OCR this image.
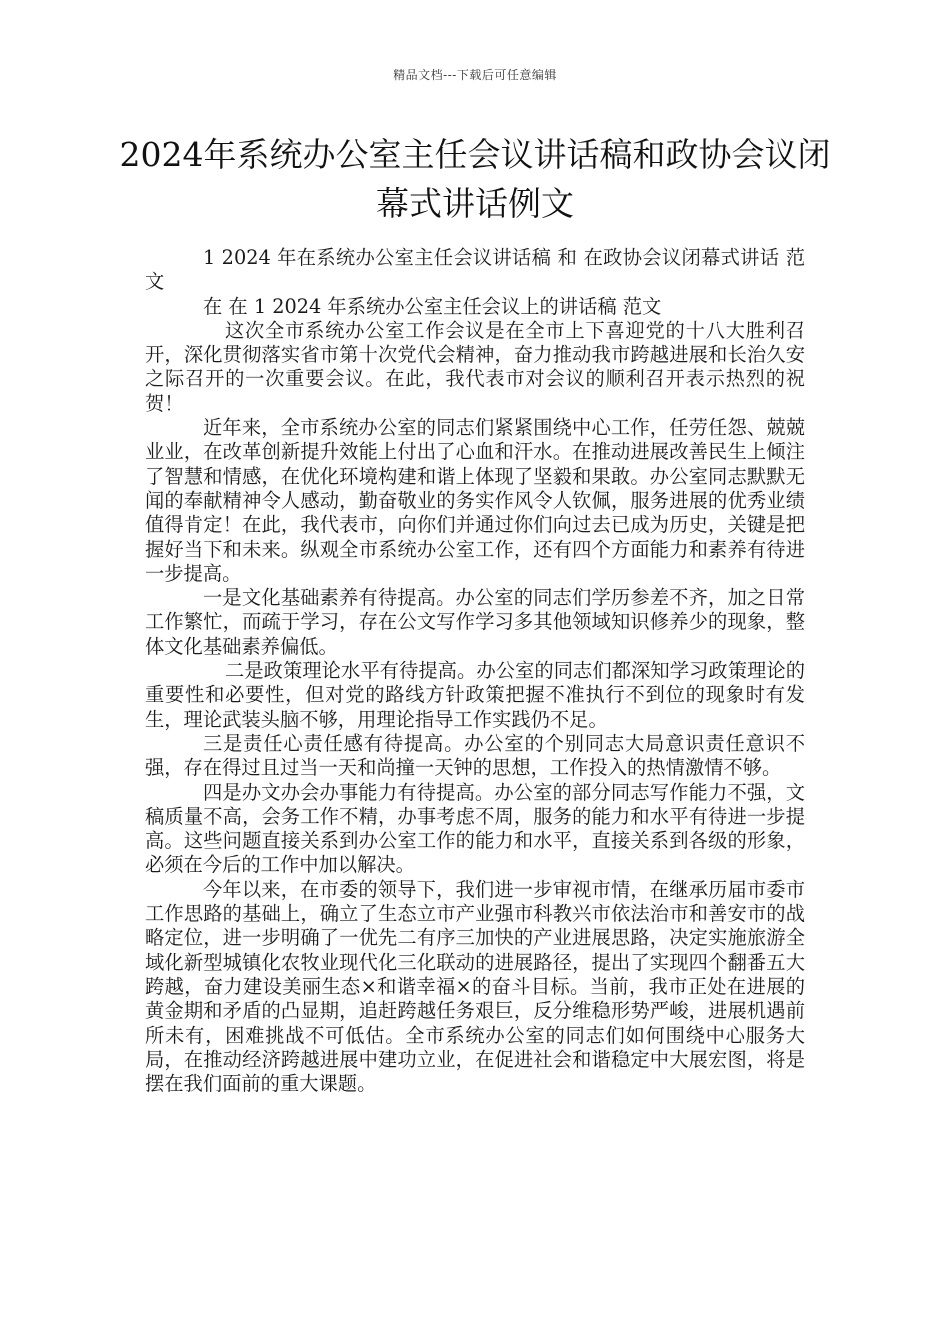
精品文档---下载后可任意编辑
2024年系统办公室主任会议讲话稿和政协会议闭幕式讲话例文

1 2024 年在系统办公室主任会议讲话稿 和 在政协会议闭幕式讲话 范文

在 在 1 2024 年系统办公室主任会议上的讲话稿 范文

这次全市系统办公室工作会议是在全市上下喜迎党的十八大胜利召开，深化贯彻落实省市第十次党代会精神，奋力推动我市跨越进展和长治久安之际召开的一次重要会议。在此，我代表市对会议的顺利召开表示热烈的祝贺！

近年来，全市系统办公室的同志们紧紧围绕中心工作，任劳任怨、兢兢业业，在改革创新提升效能上付出了心血和汗水。在推动进展改善民生上倾注了智慧和情感，在优化环境构建和谐上体现了坚毅和果敢。办公室同志默默无闻的奉献精神令人感动，勤奋敬业的务实作风令人钦佩，服务进展的优秀业绩值得肯定！在此，我代表市，向你们并通过你们向过去已成为历史，关键是把握好当下和未来。纵观全市系统办公室工作，还有四个方面能力和素养有待进一步提高。

一是文化基础素养有待提高。办公室的同志们学历参差不齐，加之日常工作繁忙，而疏于学习，存在公文写作学习多其他领域知识修养少的现象，整体文化基础素养偏低。

二是政策理论水平有待提高。办公室的同志们都深知学习政策理论的重要性和必要性，但对党的路线方针政策把握不准执行不到位的现象时有发生，理论武装头脑不够，用理论指导工作实践仍不足。

三是责任心责任感有待提高。办公室的个别同志大局意识责任意识不强，存在得过且过当一天和尚撞一天钟的思想，工作投入的热情激情不够。

四是办文办会办事能力有待提高。办公室的部分同志写作能力不强，文稿质量不高，会务工作不精，办事考虑不周，服务的能力和水平有待进一步提高。这些问题直接关系到办公室工作的能力和水平，直接关系到各级的形象，必须在今后的工作中加以解决。

今年以来，在市委的领导下，我们进一步审视市情，在继承历届市委市工作思路的基础上，确立了生态立市产业强市科教兴市依法治市和善安市的战略定位，进一步明确了一优先二有序三加快的产业进展思路，决定实施旅游全域化新型城镇化农牧业现代化三化联动的进展路径，提出了实现四个翻番五大跨越，奋力建设美丽生态×和谐幸福×的奋斗目标。当前，我市正处在进展的黄金期和矛盾的凸显期，追赶跨越任务艰巨，反分维稳形势严峻，进展机遇前所未有，困难挑战不可低估。全市系统办公室的同志们如何围绕中心服务大局，在推动经济跨越进展中建功立业，在促进社会和谐稳定中大展宏图，将是摆在我们面前的重大课题。
